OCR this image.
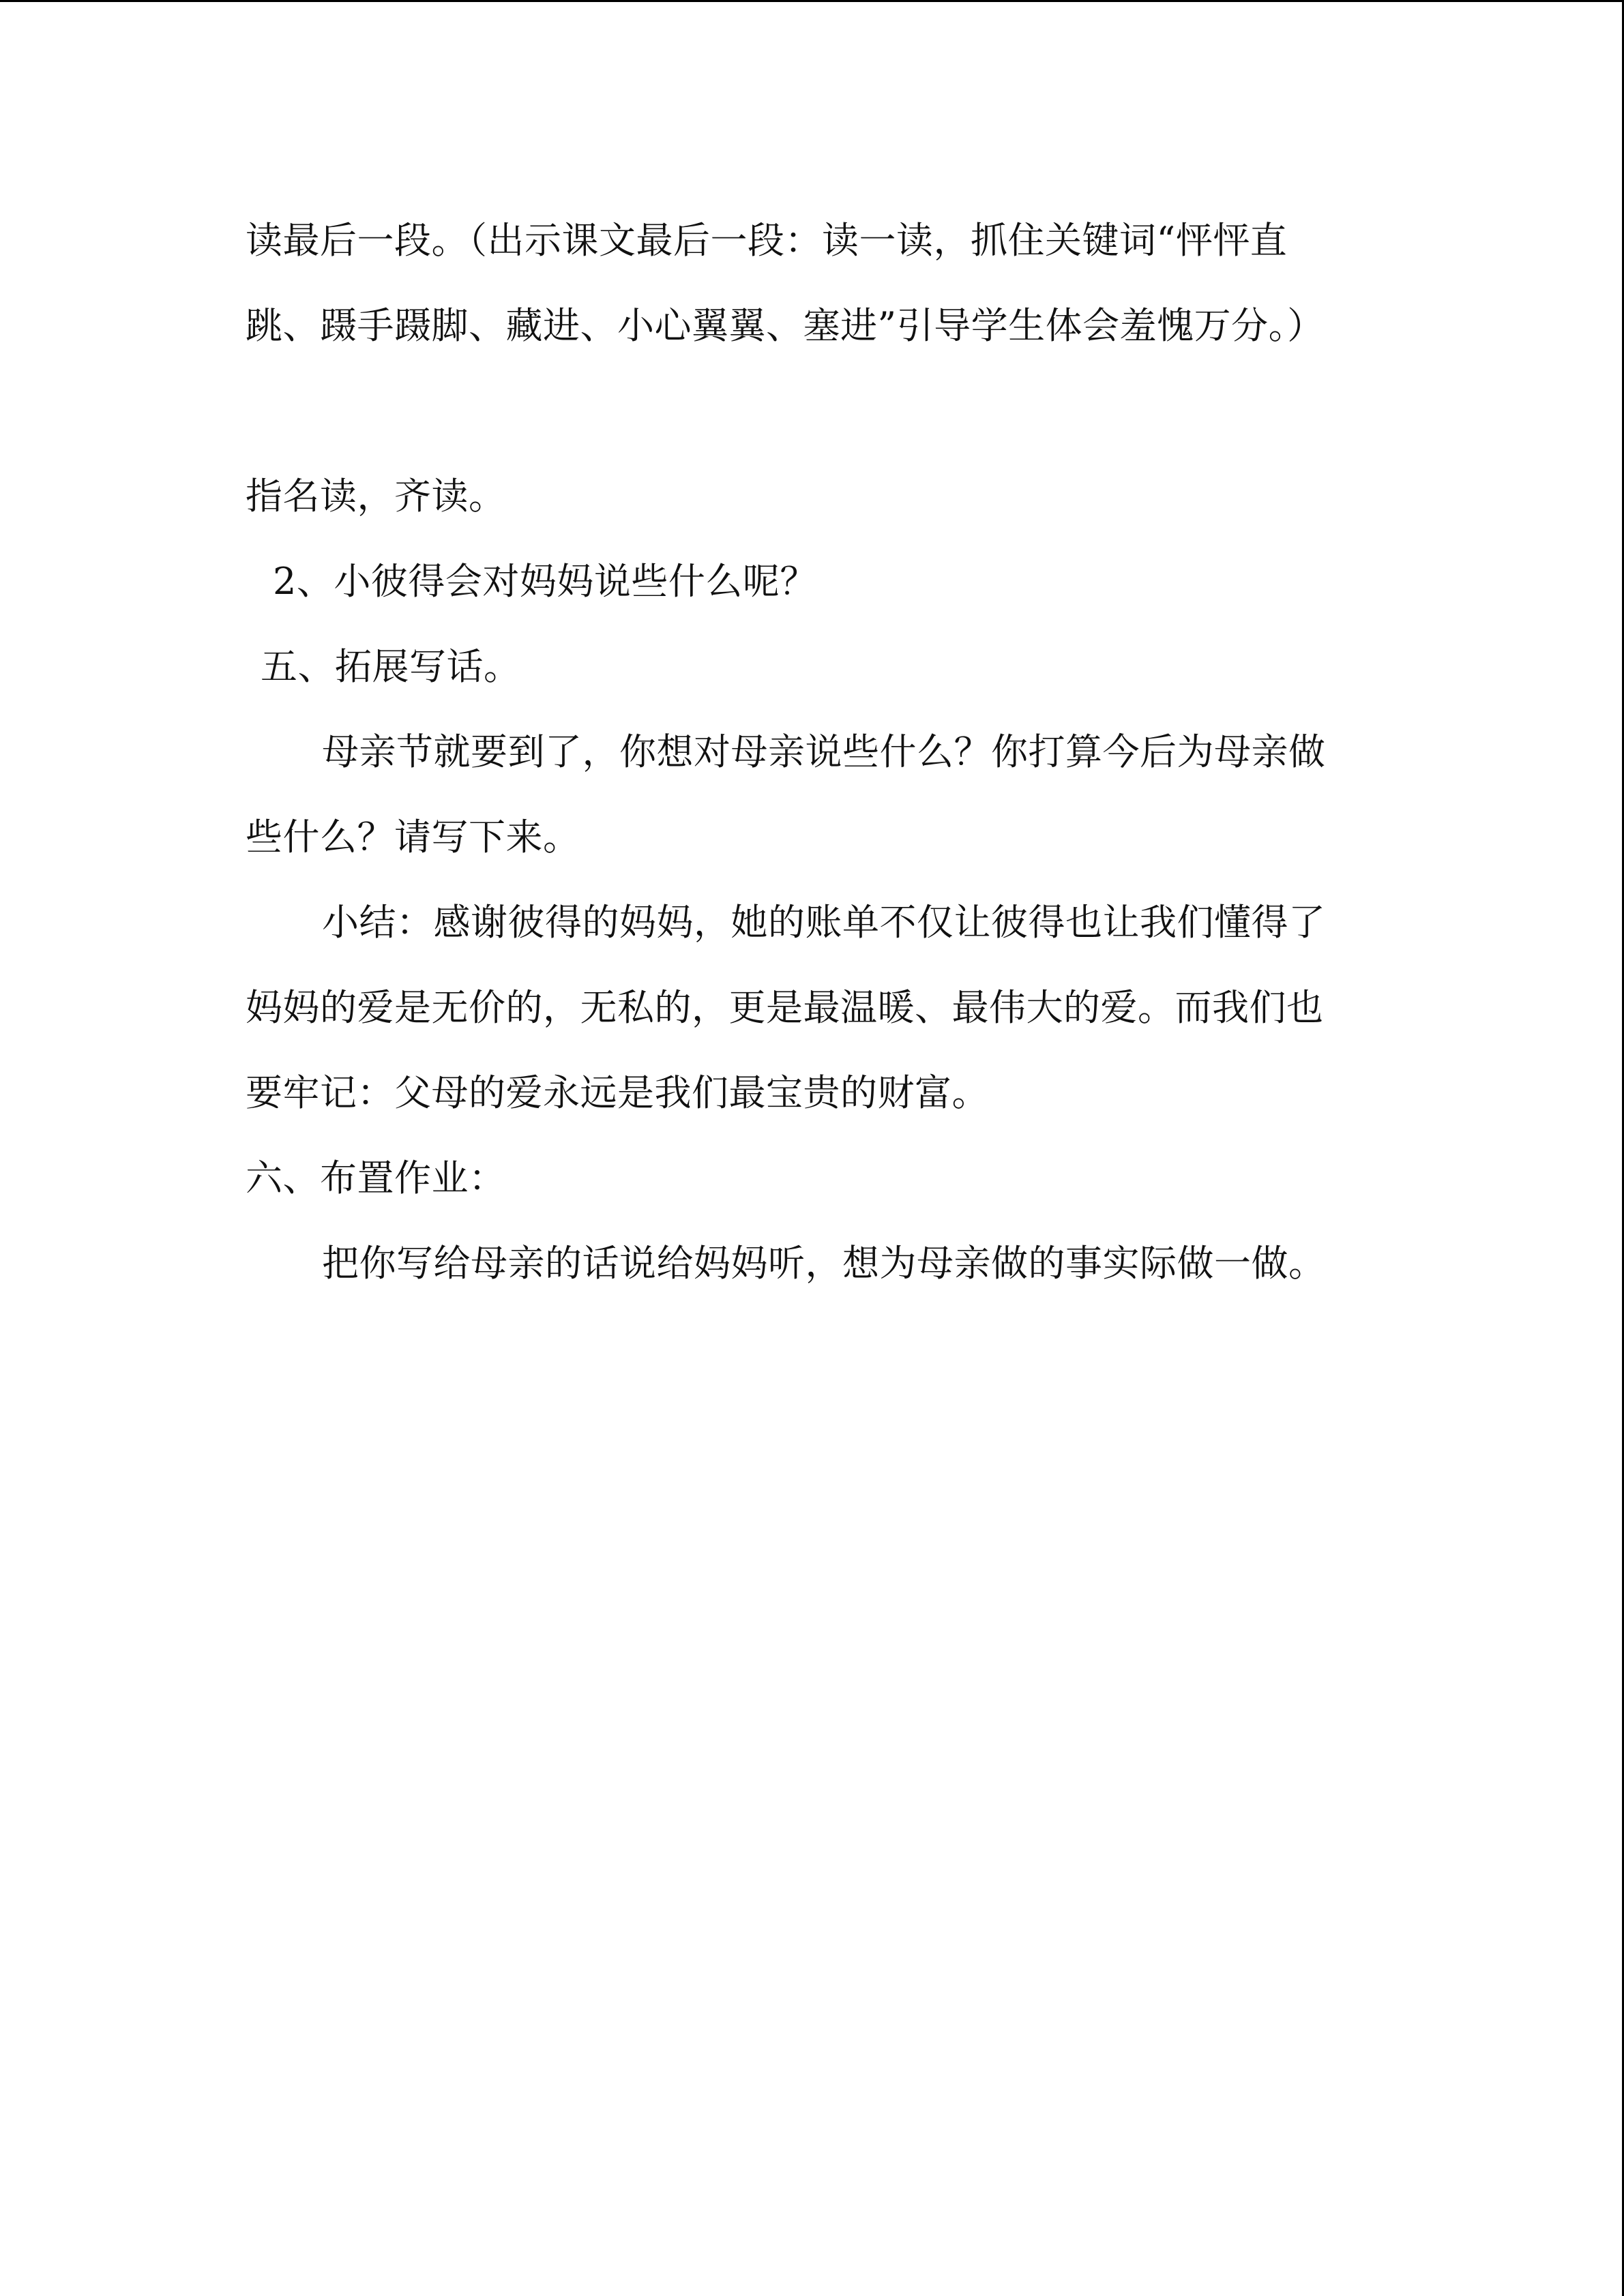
读最后一段。（出示课文最后一段：读一读，抓住关键词“怦怦直
跳、蹑手蹑脚、藏进、小心翼翼、塞进”引导学生体会羞愧万分。）
指名读，齐读。
2、小彼得会对妈妈说些什么呢？
五、拓展写话。
母亲节就要到了，你想对母亲说些什么？你打算今后为母亲做
些什么？请写下来。
小结：感谢彼得的妈妈，她的账单不仅让彼得也让我们懂得了
妈妈的爱是无价的，无私的，更是最温暖、最伟大的爱。而我们也
要牢记：父母的爱永远是我们最宝贵的财富。
六、布置作业：
把你写给母亲的话说给妈妈听，想为母亲做的事实际做一做。
